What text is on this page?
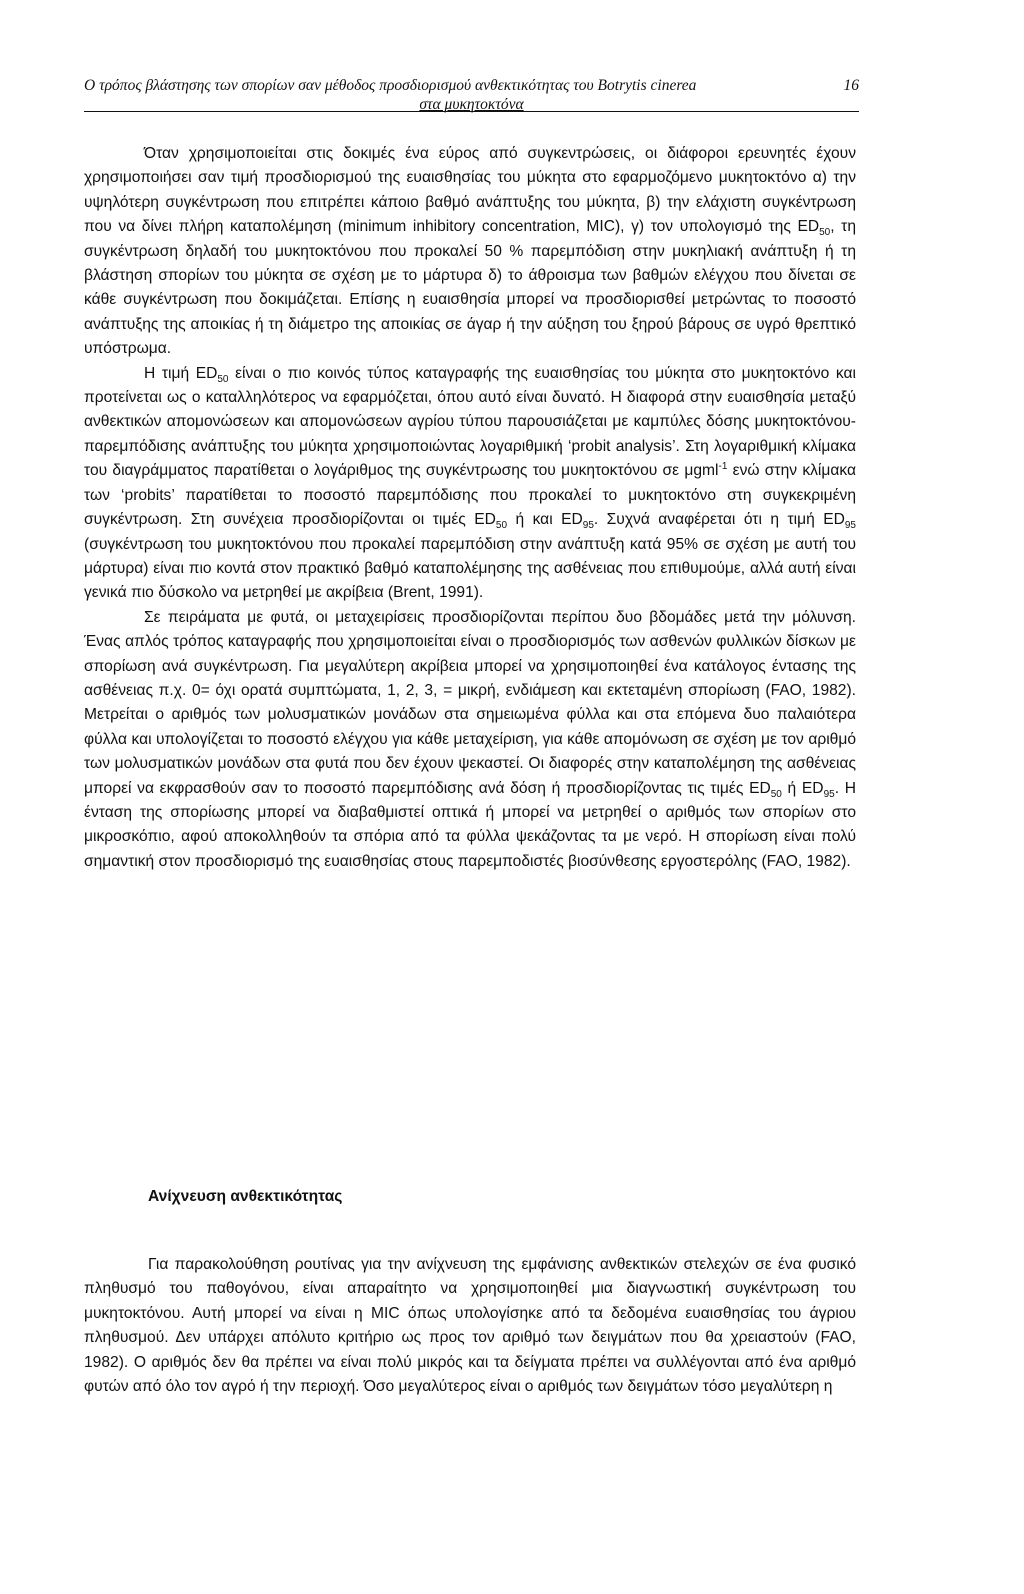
Ο τρόπος βλάστησης των σπορίων σαν μέθοδος προσδιορισμού ανθεκτικότητας του Botrytis cinerea	16
στα μυκητοκτόνα

Όταν χρησιμοποιείται στις δοκιμές ένα εύρος από συγκεντρώσεις, οι διάφοροι ερευνητές έχουν χρησιμοποιήσει σαν τιμή προσδιορισμού της ευαισθησίας του μύκητα στο εφαρμοζόμενο μυκητοκτόνο α) την υψηλότερη συγκέντρωση που επιτρέπει κάποιο βαθμό ανάπτυξης του μύκητα, β) την ελάχιστη συγκέντρωση που να δίνει πλήρη καταπολέμηση (minimum inhibitory concentration, MIC), γ) τον υπολογισμό της $ED_{50}$, τη συγκέντρωση δηλαδή του μυκητοκτόνου που προκαλεί 50 % παρεμπόδιση στην μυκηλιακή ανάπτυξη ή τη βλάστηση σπορίων του μύκητα σε σχέση με το μάρτυρα δ) το άθροισμα των βαθμών ελέγχου που δίνεται σε κάθε συγκέντρωση που δοκιμάζεται. Επίσης η ευαισθησία μπορεί να προσδιορισθεί μετρώντας το ποσοστό ανάπτυξης της αποικίας ή τη διάμετρο της αποικίας σε άγαρ ή την αύξηση του ξηρού βάρους σε υγρό θρεπτικό υπόστρωμα.

Η τιμή $ED_{50}$ είναι ο πιο κοινός τύπος καταγραφής της ευαισθησίας του μύκητα στο μυκητοκτόνο και προτείνεται ως ο καταλληλότερος να εφαρμόζεται, όπου αυτό είναι δυνατό. Η διαφορά στην ευαισθησία μεταξύ ανθεκτικών απομονώσεων και απομονώσεων αγρίου τύπου παρουσιάζεται με καμπύλες δόσης μυκητοκτόνου-παρεμπόδισης ανάπτυξης του μύκητα χρησιμοποιώντας λογαριθμική ‘probit analysis’. Στη λογαριθμική κλίμακα του διαγράμματος παρατίθεται ο λογάριθμος της συγκέντρωσης του μυκητοκτόνου σε μgml$^{-1}$ ενώ στην κλίμακα των ‘probits’ παρατίθεται το ποσοστό παρεμπόδισης που προκαλεί το μυκητοκτόνο στη συγκεκριμένη συγκέντρωση. Στη συνέχεια προσδιορίζονται οι τιμές $ED_{50}$ ή και $ED_{95}$. Συχνά αναφέρεται ότι η τιμή $ED_{95}$ (συγκέντρωση του μυκητοκτόνου που προκαλεί παρεμπόδιση στην ανάπτυξη κατά 95% σε σχέση με αυτή του μάρτυρα) είναι πιο κοντά στον πρακτικό βαθμό καταπολέμησης της ασθένειας που επιθυμούμε, αλλά αυτή είναι γενικά πιο δύσκολο να μετρηθεί με ακρίβεια (Brent, 1991).

Σε πειράματα με φυτά, οι μεταχειρίσεις προσδιορίζονται περίπου δυο βδομάδες μετά την μόλυνση. Ένας απλός τρόπος καταγραφής που χρησιμοποιείται είναι ο προσδιορισμός των ασθενών φυλλικών δίσκων με σπορίωση ανά συγκέντρωση. Για μεγαλύτερη ακρίβεια μπορεί να χρησιμοποιηθεί ένα κατάλογος έντασης της ασθένειας π.χ. 0= όχι ορατά συμπτώματα, 1, 2, 3, = μικρή, ενδιάμεση και εκτεταμένη σπορίωση (FAO, 1982). Μετρείται ο αριθμός των μολυσματικών μονάδων στα σημειωμένα φύλλα και στα επόμενα δυο παλαιότερα φύλλα και υπολογίζεται το ποσοστό ελέγχου για κάθε μεταχείριση, για κάθε απομόνωση σε σχέση με τον αριθμό των μολυσματικών μονάδων στα φυτά που δεν έχουν ψεκαστεί. Οι διαφορές στην καταπολέμηση της ασθένειας μπορεί να εκφρασθούν σαν το ποσοστό παρεμπόδισης ανά δόση ή προσδιορίζοντας τις τιμές $ED_{50}$ ή $ED_{95}$. Η ένταση της σπορίωσης μπορεί να διαβαθμιστεί οπτικά ή μπορεί να μετρηθεί ο αριθμός των σπορίων στο μικροσκόπιο, αφού αποκολληθούν τα σπόρια από τα φύλλα ψεκάζοντας τα με νερό. Η σπορίωση είναι πολύ σημαντική στον προσδιορισμό της ευαισθησίας στους παρεμποδιστές βιοσύνθεσης εργοστερόλης (FAO, 1982).

Ανίχνευση ανθεκτικότητας

Για παρακολούθηση ρουτίνας για την ανίχνευση της εμφάνισης ανθεκτικών στελεχών σε ένα φυσικό πληθυσμό του παθογόνου, είναι απαραίτητο να χρησιμοποιηθεί μια διαγνωστική συγκέντρωση του μυκητοκτόνου. Αυτή μπορεί να είναι η MIC όπως υπολογίσηκε από τα δεδομένα ευαισθησίας του άγριου πληθυσμού. Δεν υπάρχει απόλυτο κριτήριο ως προς τον αριθμό των δειγμάτων που θα χρειαστούν (FAO, 1982). Ο αριθμός δεν θα πρέπει να είναι πολύ μικρός και τα δείγματα πρέπει να συλλέγονται από ένα αριθμό φυτών από όλο τον αγρό ή την περιοχή. Όσο μεγαλύτερος είναι ο αριθμός των δειγμάτων τόσο μεγαλύτερη η
